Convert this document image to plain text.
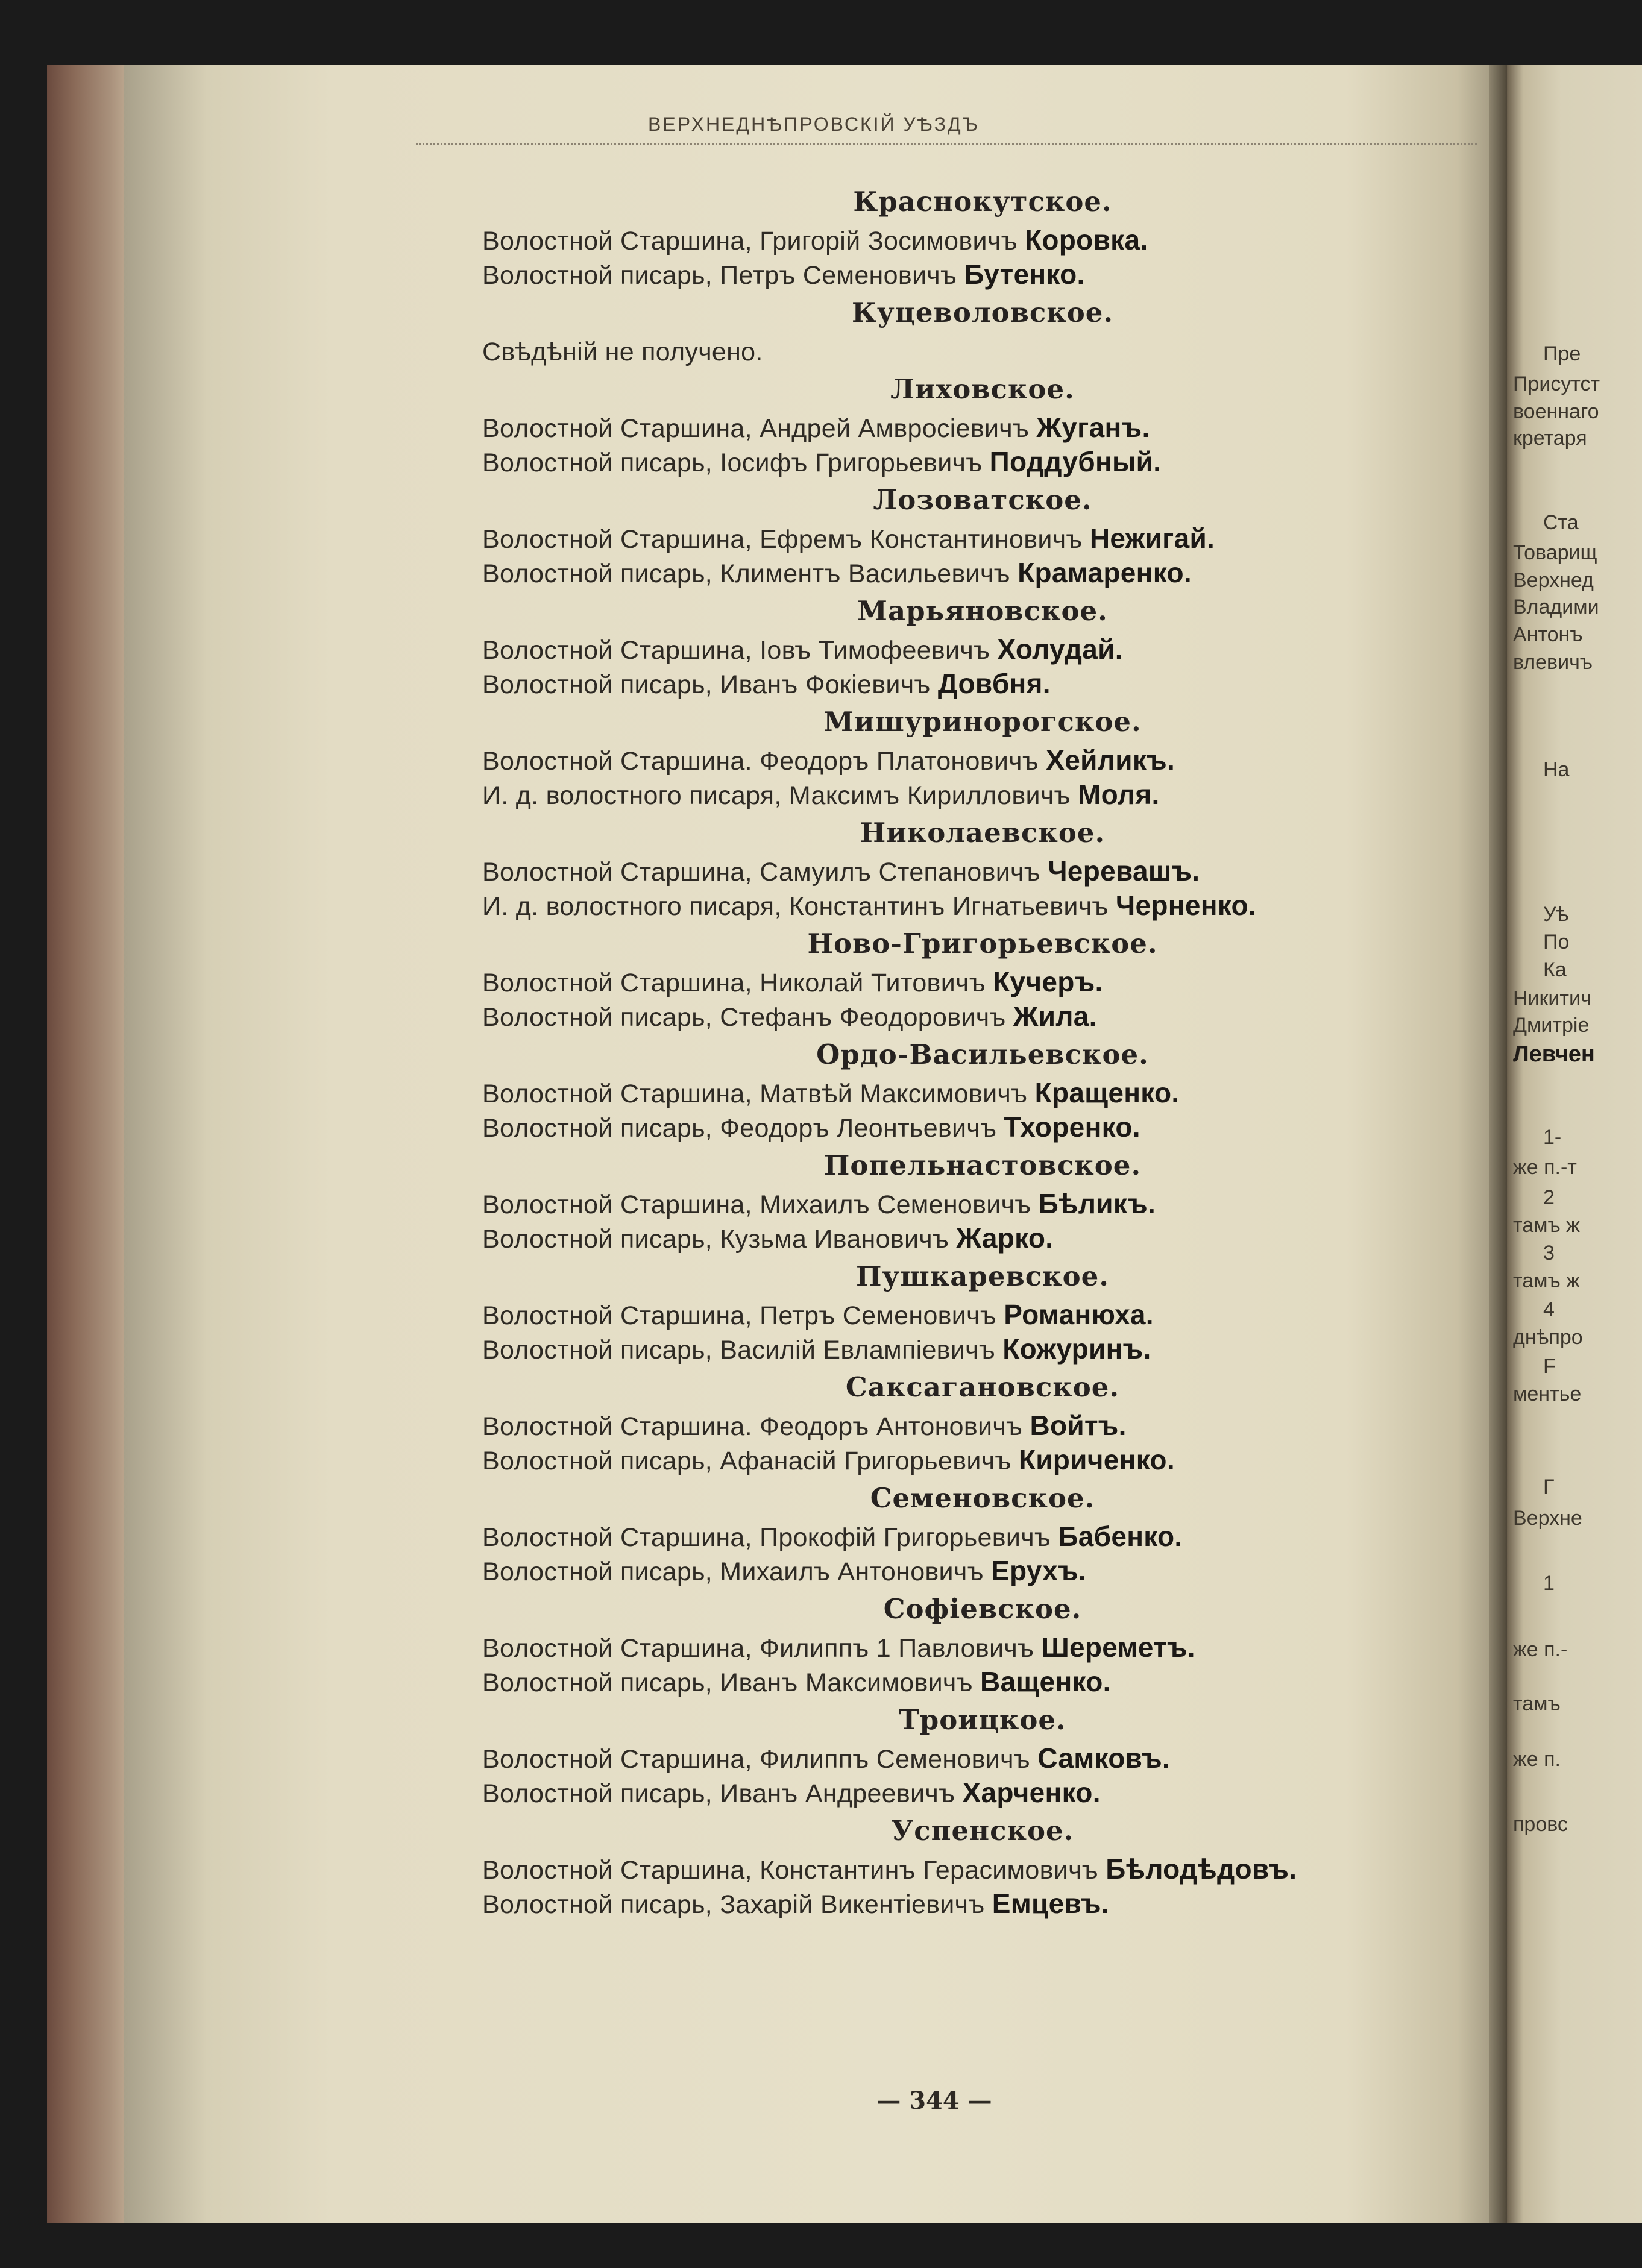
Пре
Присутст
военнаго
кретаря
Ста
Товарищ
Верхнед
Владими
Антонъ
влевичъ
На
Уѣ
По
Ка
Никитич
Дмитріе
Левчен
1-
же п.-т
2
тамъ ж
3
тамъ ж
4
днѣпро
F
ментье
Г
Верхне
1
же п.-
тамъ
же п.
провс
ВЕРХНЕДНѢПРОВСКІЙ УѢЗДЪ
Краснокутское.
Волостной Старшина, Григорій Зосимовичъ Коровка.
Волостной писарь, Петръ Семеновичъ Бутенко.
Куцеволовское.
Свѣдѣній не получено.
Лиховское.
Волостной Старшина, Андрей Амвросіевичъ Жуганъ.
Волостной писарь, Іосифъ Григорьевичъ Поддубный.
Лозоватское.
Волостной Старшина, Ефремъ Константиновичъ Нежигай.
Волостной писарь, Климентъ Васильевичъ Крамаренко.
Марьяновское.
Волостной Старшина, Іовъ Тимофеевичъ Холудай.
Волостной писарь, Иванъ Фокіевичъ Довбня.
Мишуринорогское.
Волостной Старшина. Феодоръ Платоновичъ Хейликъ.
И. д. волостного писаря, Максимъ Кирилловичъ Моля.
Николаевское.
Волостной Старшина, Самуилъ Степановичъ Черевашъ.
И. д. волостного писаря, Константинъ Игнатьевичъ Черненко.
Ново-Григорьевское.
Волостной Старшина, Николай Титовичъ Кучеръ.
Волостной писарь, Стефанъ Феодоровичъ Жила.
Ордо-Васильевское.
Волостной Старшина, Матвѣй Максимовичъ Кращенко.
Волостной писарь, Феодоръ Леонтьевичъ Тхоренко.
Попельнастовское.
Волостной Старшина, Михаилъ Семеновичъ Бѣликъ.
Волостной писарь, Кузьма Ивановичъ Жарко.
Пушкаревское.
Волостной Старшина, Петръ Семеновичъ Романюха.
Волостной писарь, Василій Евлампіевичъ Кожуринъ.
Саксагановское.
Волостной Старшина. Феодоръ Антоновичъ Войтъ.
Волостной писарь, Афанасій Григорьевичъ Кириченко.
Семеновское.
Волостной Старшина, Прокофій Григорьевичъ Бабенко.
Волостной писарь, Михаилъ Антоновичъ Ерухъ.
Софіевское.
Волостной Старшина, Филиппъ 1 Павловичъ Шереметъ.
Волостной писарь, Иванъ Максимовичъ Ващенко.
Троицкое.
Волостной Старшина, Филиппъ Семеновичъ Самковъ.
Волостной писарь, Иванъ Андреевичъ Харченко.
Успенское.
Волостной Старшина, Константинъ Герасимовичъ Бѣлодѣдовъ.
Волостной писарь, Захарій Викентіевичъ Емцевъ.
— 344 —
